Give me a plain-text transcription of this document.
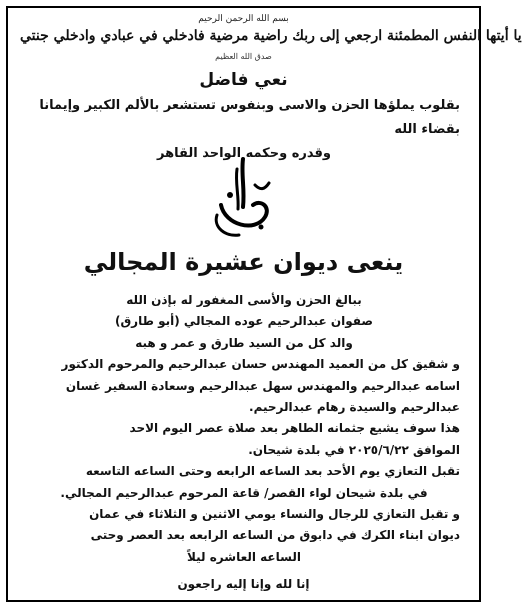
بسم الله الرحمن الرحيم
يا أيتها النفس المطمئنة ارجعي إلى ربك راضية مرضية فادخلي في عبادي وادخلي جنتي
صدق الله العظيم
نعي فاضل
بقلوب يملؤها الحزن والاسى وبنفوس تستشعر بالألم الكبير وإيمانا بقضاء الله
وقدره وحكمه الواحد القاهر
ينعى ديوان عشيرة المجالي
ببالغ الحزن والأسى المغفور له بإذن الله
صفوان عبدالرحيم عوده المجالي (أبو طارق)
والد كل من السيد طارق و عمر و هبه
و شقيق كل من العميد المهندس حسان عبدالرحيم والمرحوم الدكتور
اسامه عبدالرحيم والمهندس سهل عبدالرحيم وسعادة السفير غسان
عبدالرحيم والسيدة رهام عبدالرحيم.
هذا سوف يشيع جثمانه الطاهر بعد صلاة عصر اليوم الاحد
الموافق ٢٠٢٥/٦/٢٢ في بلدة شيحان.
تقبل التعازي يوم الأحد بعد الساعه الرابعه وحتى الساعه التاسعه
في بلدة شيحان لواء القصر/ قاعة المرحوم عبدالرحيم المجالي.
و تقبل التعازي للرجال والنساء يومي الاثنين و الثلاثاء في عمان
ديوان ابناء الكرك في دابوق من الساعه الرابعه بعد العصر وحتى
الساعه العاشره ليلاً
إنا لله وإنا إليه راجعون
